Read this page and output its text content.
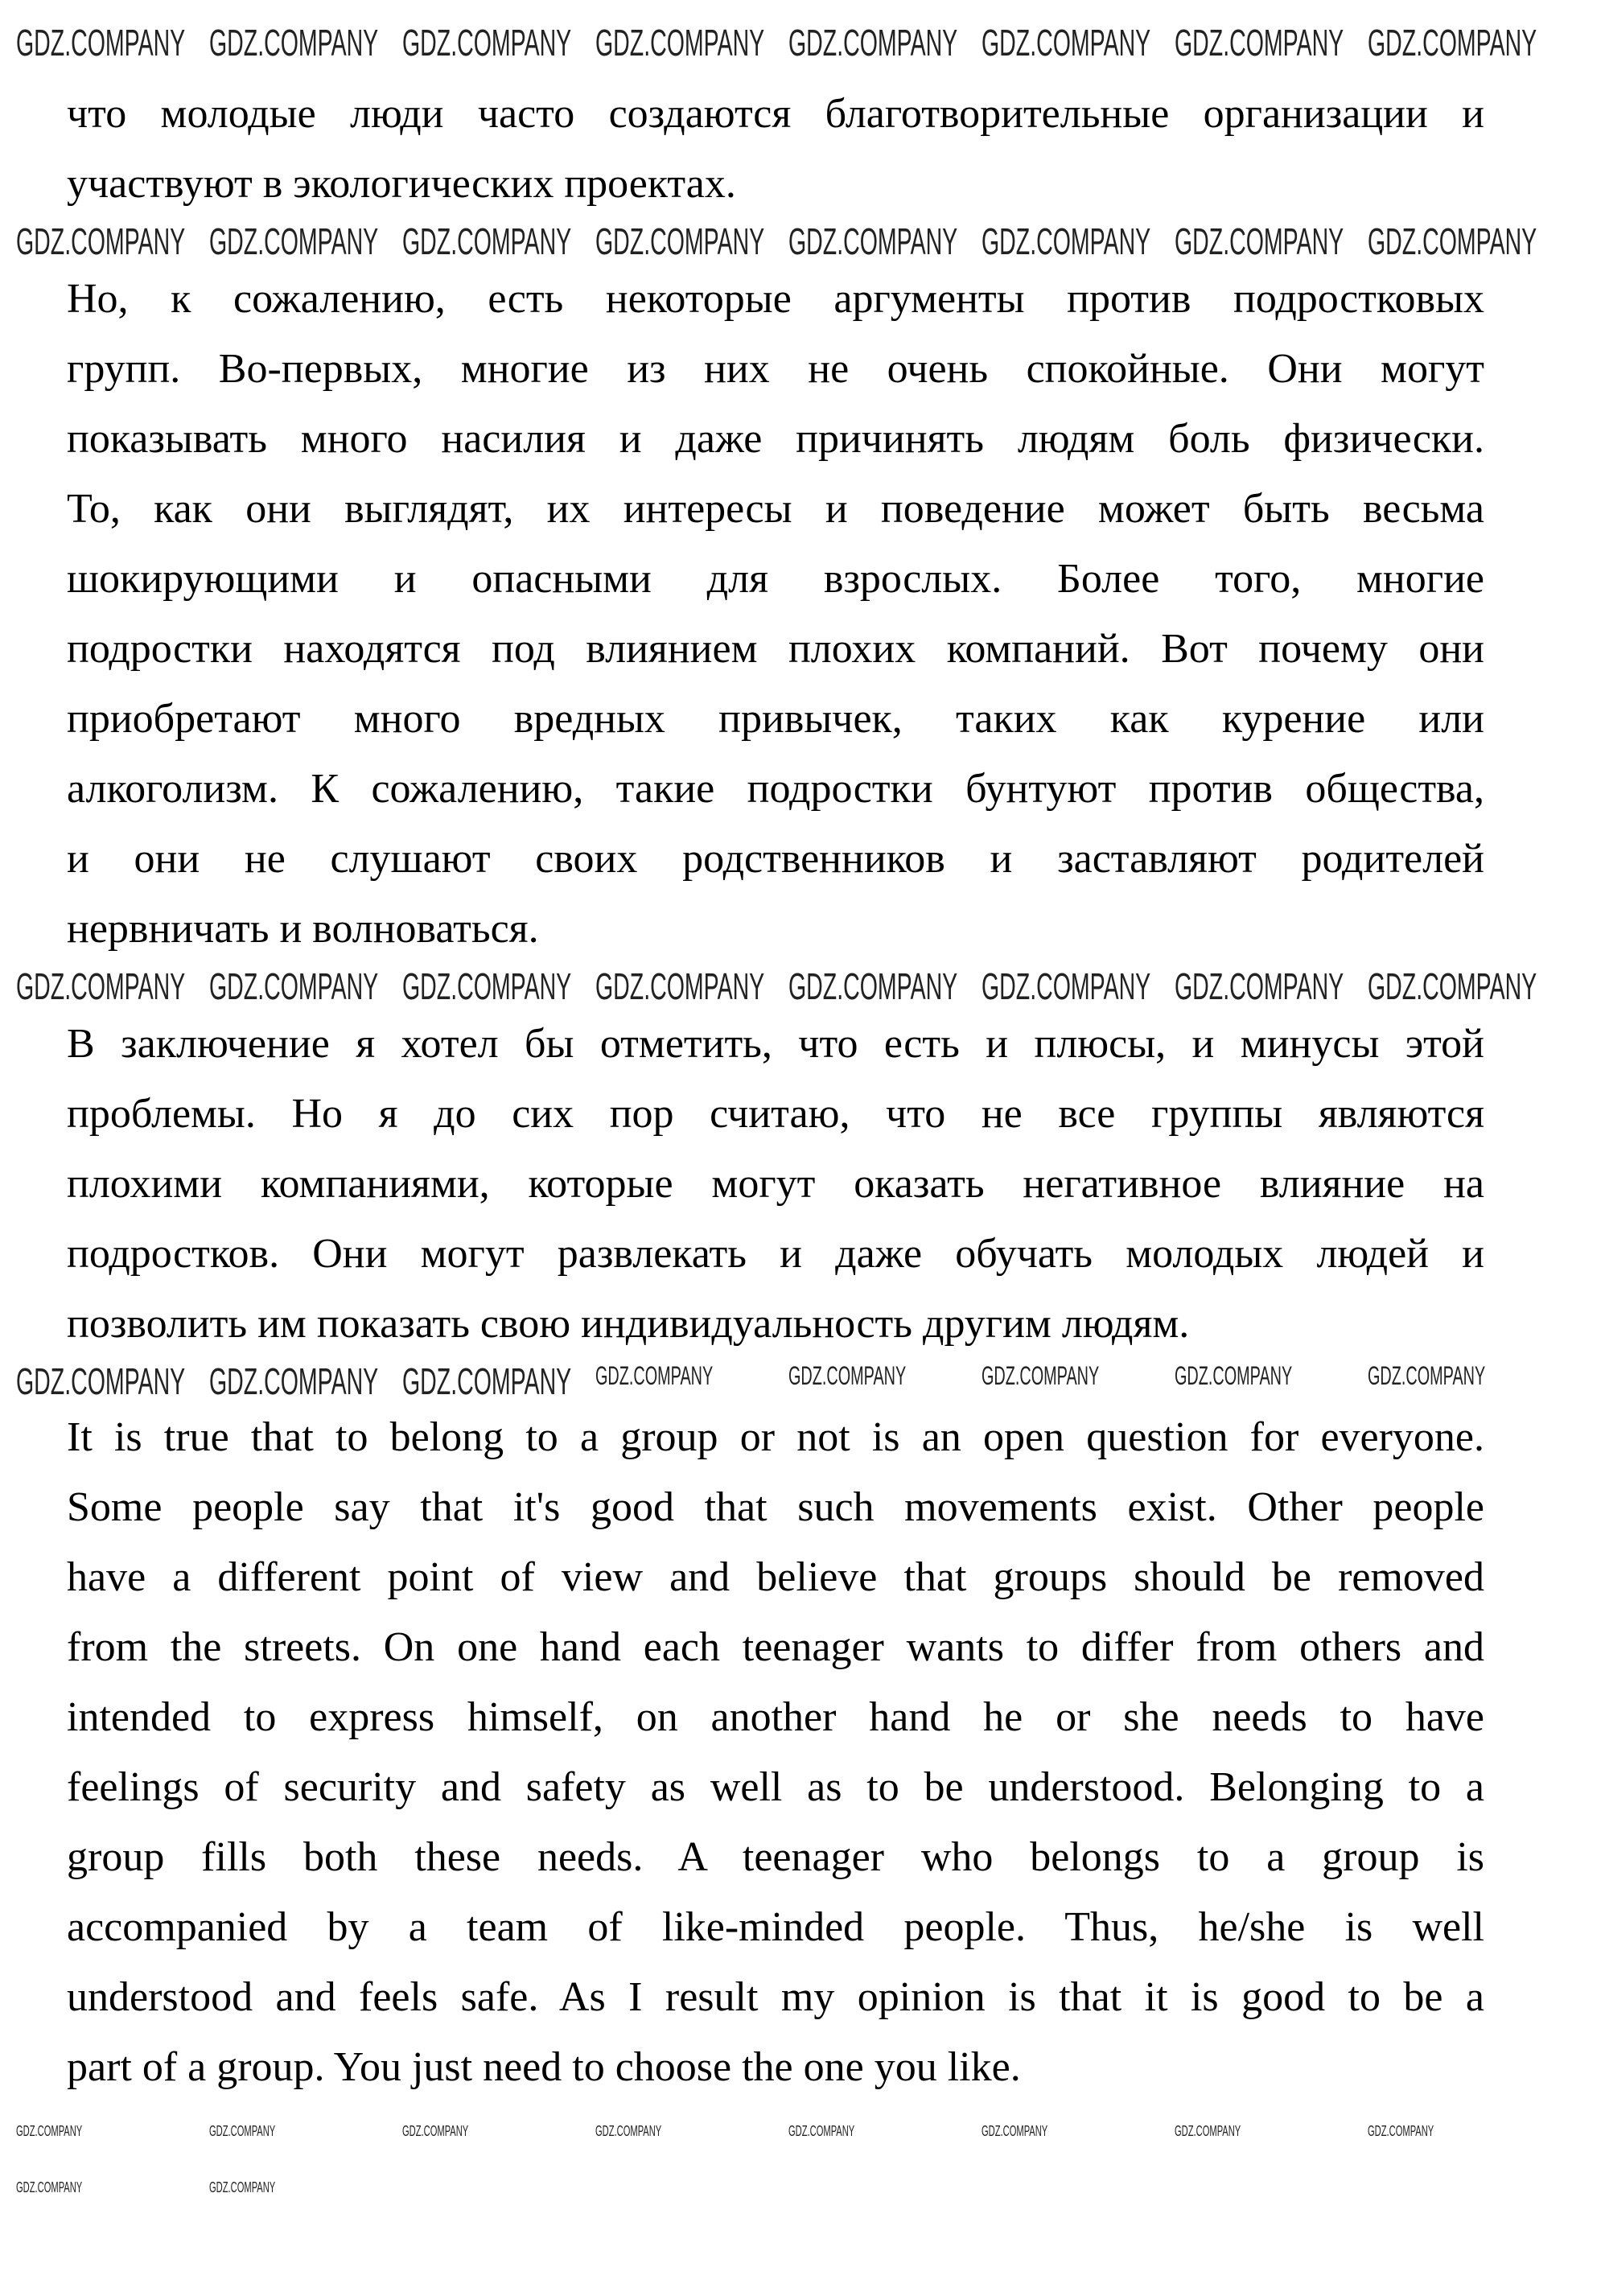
GDZ.COMPANY GDZ.COMPANY GDZ.COMPANY GDZ.COMPANY GDZ.COMPANY GDZ.COMPANY GDZ.COMPANY GDZ.COMPANY
GDZ.COMPANY GDZ.COMPANY GDZ.COMPANY GDZ.COMPANY GDZ.COMPANY GDZ.COMPANY GDZ.COMPANY GDZ.COMPANY
GDZ.COMPANY GDZ.COMPANY GDZ.COMPANY GDZ.COMPANY GDZ.COMPANY GDZ.COMPANY GDZ.COMPANY GDZ.COMPANY
GDZ.COMPANY GDZ.COMPANY GDZ.COMPANY GDZ.COMPANY	GDZ.COMPANY	GDZ.COMPANY	GDZ.COMPANY	GDZ.COMPANY
GDZ.COMPANY	GDZ.COMPANY	GDZ.COMPANY	GDZ.COMPANY	GDZ.COMPANY	GDZ.COMPANY	GDZ.COMPANY	GDZ.COMPANY
GDZ.COMPANY	GDZ.COMPANY
что молодые люди часто создаются благотворительные организации и
участвуют в экологических проектах.
Но, к сожалению, есть некоторые аргументы против подростковых
групп. Во-первых, многие из них не очень спокойные. Они могут
показывать много насилия и даже причинять людям боль физически.
То, как они выглядят, их интересы и поведение может быть весьма
шокирующими и опасными для взрослых. Более того, многие
подростки находятся под влиянием плохих компаний. Вот почему они
приобретают много вредных привычек, таких как курение или
алкоголизм. К сожалению, такие подростки бунтуют против общества,
и они не слушают своих родственников и заставляют родителей
нервничать и волноваться.
В заключение я хотел бы отметить, что есть и плюсы, и минусы этой
проблемы. Но я до сих пор считаю, что не все группы являются
плохими компаниями, которые могут оказать негативное влияние на
подростков. Они могут развлекать и даже обучать молодых людей и
позволить им показать свою индивидуальность другим людям.
It is true that to belong to a group or not is an open question for everyone.
Some people say that it's good that such movements exist. Other people
have a different point of view and believe that groups should be removed
from the streets. On one hand each teenager wants to differ from others and
intended to express himself, on another hand he or she needs to have
feelings of security and safety as well as to be understood. Belonging to a
group fills both these needs. A teenager who belongs to a group is
accompanied by a team of like-minded people. Thus, he/she is well
understood and feels safe. As I result my opinion is that it is good to be a
part of a group. You just need to choose the one you like.
